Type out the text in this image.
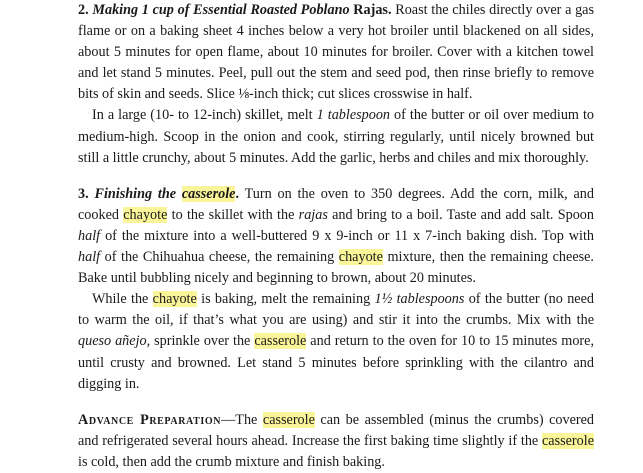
2. Making 1 cup of Essential Roasted Poblano Rajas. Roast the chiles directly over a gas flame or on a baking sheet 4 inches below a very hot broiler until blackened on all sides, about 5 minutes for open flame, about 10 minutes for broiler. Cover with a kitchen towel and let stand 5 minutes. Peel, pull out the stem and seed pod, then rinse briefly to remove bits of skin and seeds. Slice ⅛-inch thick; cut slices crosswise in half.

In a large (10- to 12-inch) skillet, melt 1 tablespoon of the butter or oil over medium to medium-high. Scoop in the onion and cook, stirring regularly, until nicely browned but still a little crunchy, about 5 minutes. Add the garlic, herbs and chiles and mix thoroughly.

3. Finishing the casserole. Turn on the oven to 350 degrees. Add the corn, milk, and cooked chayote to the skillet with the rajas and bring to a boil. Taste and add salt. Spoon half of the mixture into a well-buttered 9 x 9-inch or 11 x 7-inch baking dish. Top with half of the Chihuahua cheese, the remaining chayote mixture, then the remaining cheese. Bake until bubbling nicely and beginning to brown, about 20 minutes.

While the chayote is baking, melt the remaining 1½ tablespoons of the butter (no need to warm the oil, if that’s what you are using) and stir it into the crumbs. Mix with the queso añejo, sprinkle over the casserole and return to the oven for 10 to 15 minutes more, until crusty and browned. Let stand 5 minutes before sprinkling with the cilantro and digging in.

Advance Preparation—The casserole can be assembled (minus the crumbs) covered and refrigerated several hours ahead. Increase the first baking time slightly if the casserole is cold, then add the crumb mixture and finish baking.
